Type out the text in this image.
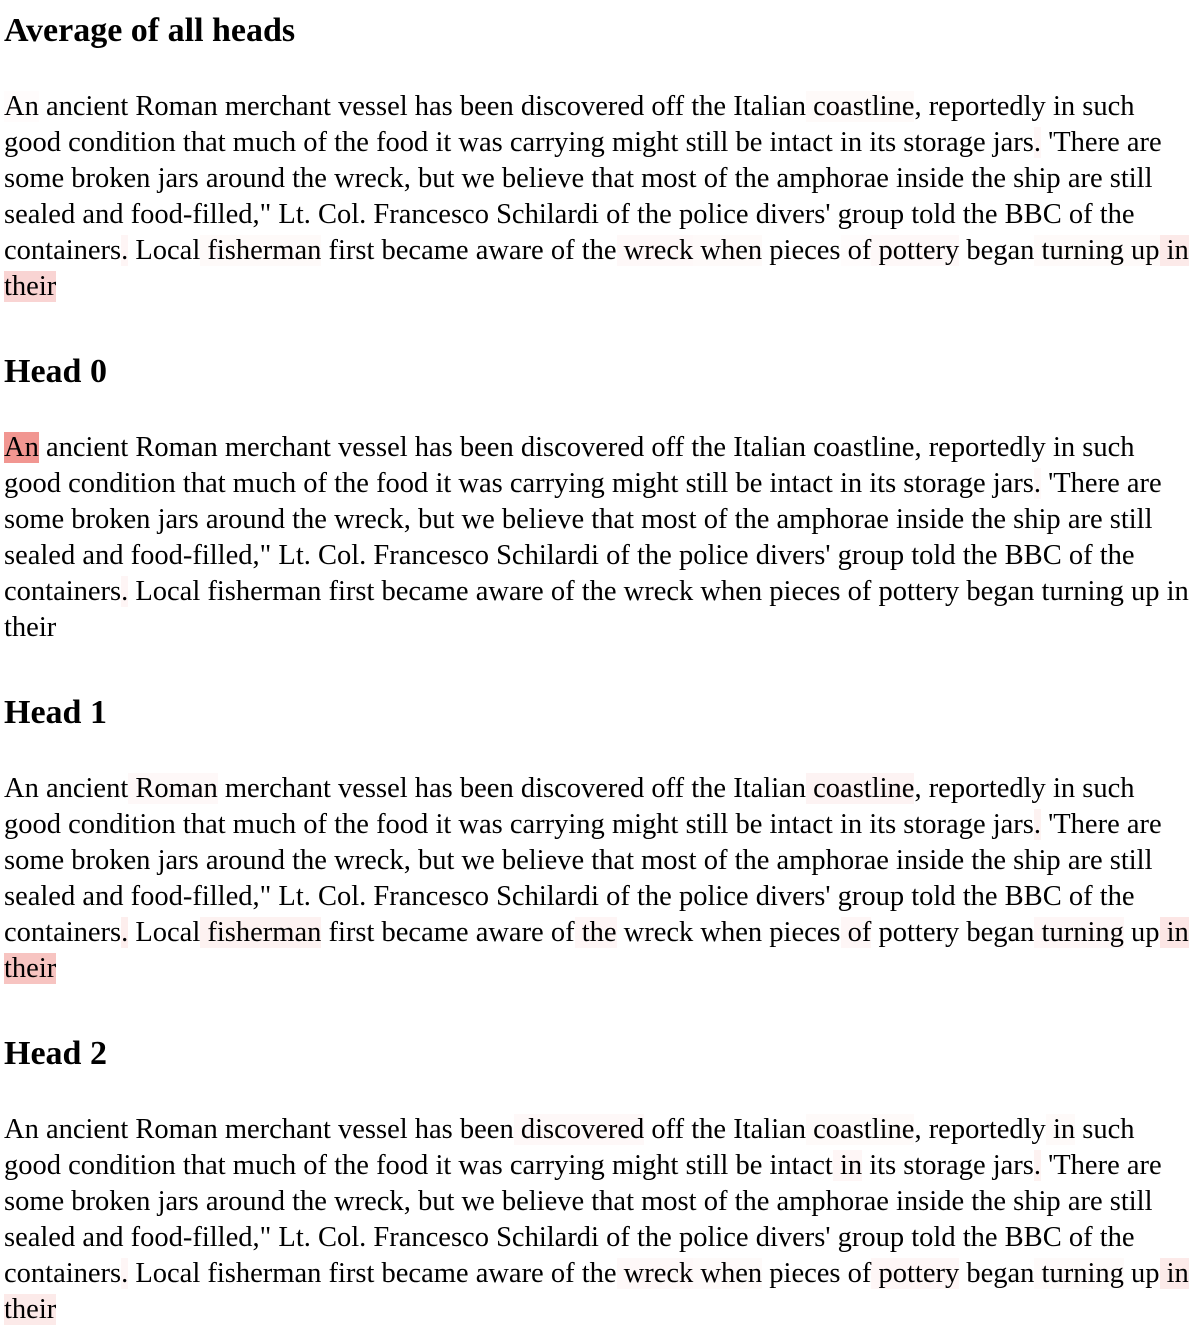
Average of all heads

An ancient Roman merchant vessel has been discovered off the Italian coastline, reportedly in such good condition that much of the food it was carrying might still be intact in its storage jars. 'There are some broken jars around the wreck, but we believe that most of the amphorae inside the ship are still sealed and food-filled," Lt. Col. Francesco Schilardi of the police divers' group told the BBC of the containers. Local fisherman first became aware of the wreck when pieces of pottery began turning up in their

Head 0

An ancient Roman merchant vessel has been discovered off the Italian coastline, reportedly in such good condition that much of the food it was carrying might still be intact in its storage jars. 'There are some broken jars around the wreck, but we believe that most of the amphorae inside the ship are still sealed and food-filled," Lt. Col. Francesco Schilardi of the police divers' group told the BBC of the containers. Local fisherman first became aware of the wreck when pieces of pottery began turning up in their

Head 1

An ancient Roman merchant vessel has been discovered off the Italian coastline, reportedly in such good condition that much of the food it was carrying might still be intact in its storage jars. 'There are some broken jars around the wreck, but we believe that most of the amphorae inside the ship are still sealed and food-filled," Lt. Col. Francesco Schilardi of the police divers' group told the BBC of the containers. Local fisherman first became aware of the wreck when pieces of pottery began turning up in their

Head 2

An ancient Roman merchant vessel has been discovered off the Italian coastline, reportedly in such good condition that much of the food it was carrying might still be intact in its storage jars. 'There are some broken jars around the wreck, but we believe that most of the amphorae inside the ship are still sealed and food-filled," Lt. Col. Francesco Schilardi of the police divers' group told the BBC of the containers. Local fisherman first became aware of the wreck when pieces of pottery began turning up in their
